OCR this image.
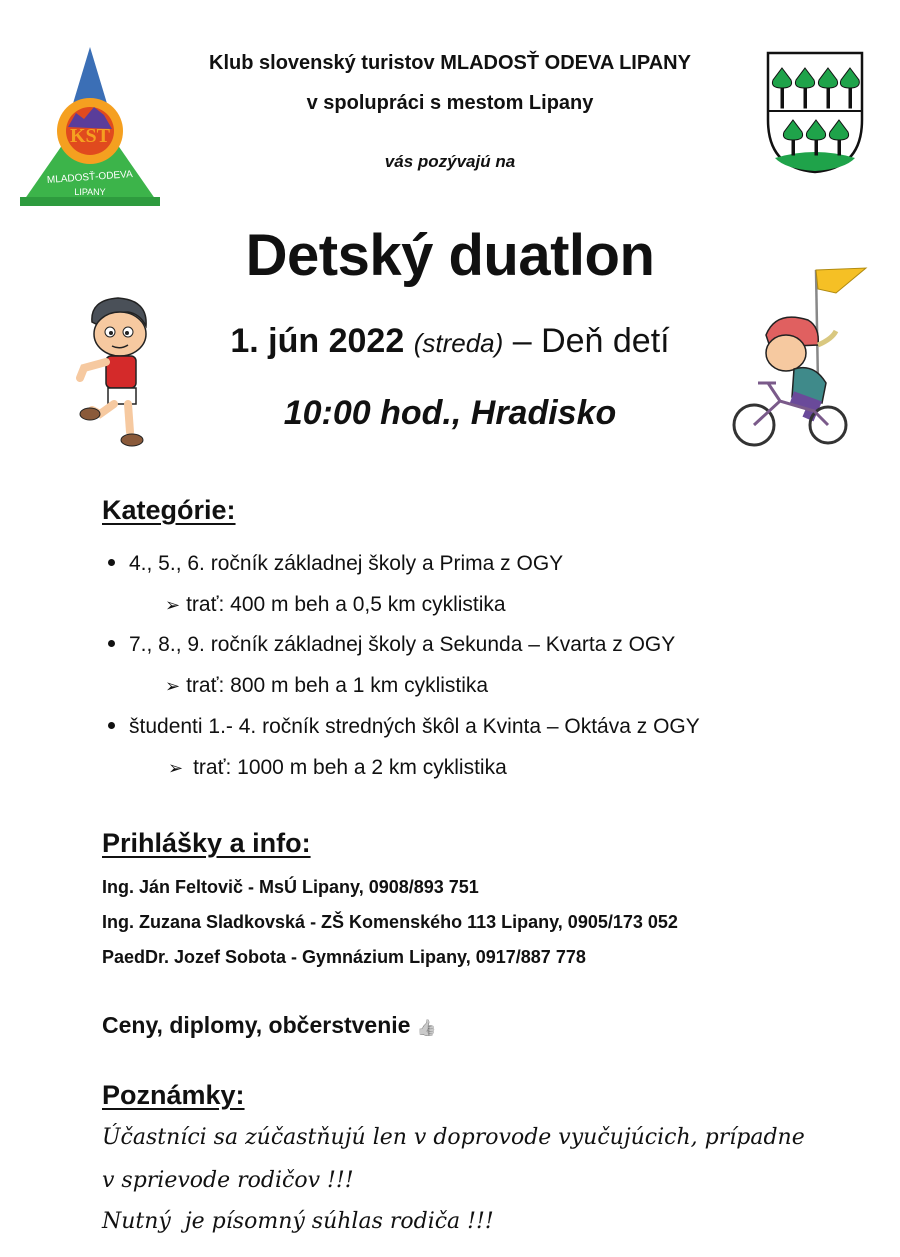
KST
MLADOSŤ-ODEVA
LIPANY
Klub slovenský turistov MLADOSŤ ODEVA LIPANY
v spolupráci s mestom Lipany
vás pozývajú na
Detský duatlon
1. jún 2022 (streda) – Deň detí
10:00 hod., Hradisko
Kategórie:
4., 5., 6. ročník základnej školy a Prima z OGY
➢ trať: 400 m beh a 0,5 km cyklistika
7., 8., 9. ročník základnej školy a Sekunda – Kvarta z OGY
➢ trať: 800 m beh a 1 km cyklistika
študenti 1.- 4. ročník stredných škôl a Kvinta – Oktáva z OGY
➢ trať: 1000 m beh a 2 km cyklistika
Prihlášky a info:
Ing. Ján Feltovič - MsÚ Lipany, 0908/893 751
Ing. Zuzana Sladkovská - ZŠ Komenského 113 Lipany, 0905/173 052
PaedDr. Jozef Sobota - Gymnázium Lipany, 0917/887 778
Ceny, diplomy, občerstvenie 👍
Poznámky:
Účastníci sa zúčastňujú len v doprovode vyučujúcich, prípadne
v sprievode rodičov !!!
Nutný  je písomný súhlas rodiča !!!
